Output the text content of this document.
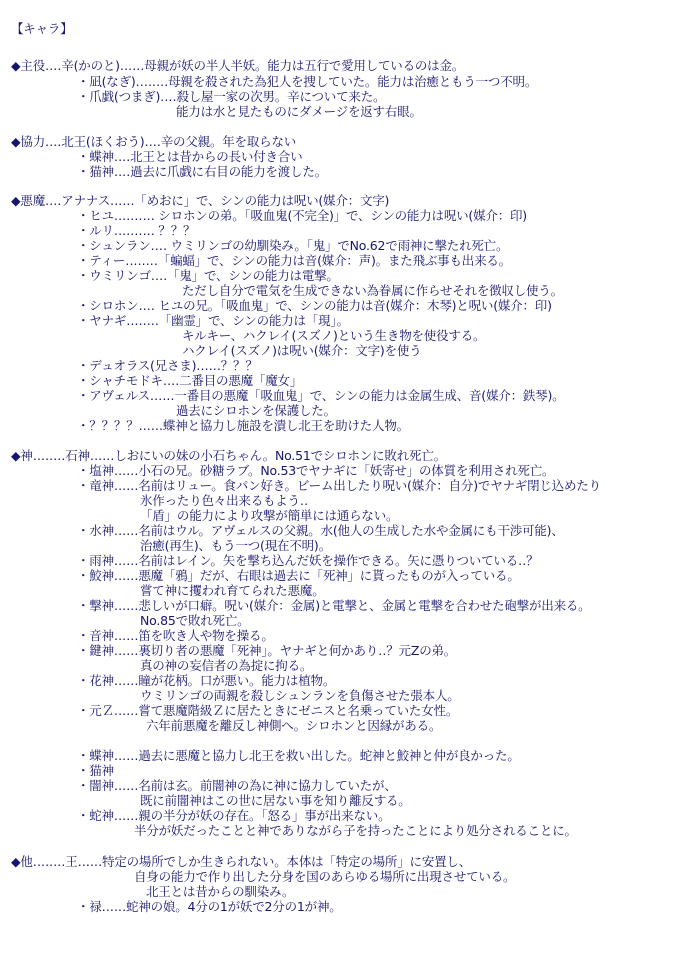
【キャラ】
◆主役‥‥辛(かのと)‥‥‥母親が妖の半人半妖。能力は五行で愛用しているのは金。
・凪(なぎ)‥‥‥‥母親を殺された為犯人を捜していた。能力は治癒ともう一つ不明。
・爪戯(つまぎ)‥‥殺し屋一家の次男。辛について来た。
能力は水と見たものにダメージを返す右眼。
◆協力‥‥北王(ほくおう)‥‥辛の父親。年を取らない
・蝶神‥‥北王とは昔からの長い付き合い
・猫神‥‥過去に爪戯に右目の能力を渡した。
◆悪魔‥‥アナナス‥‥‥「めおに」で、シンの能力は呪い(媒介：文字)
・ヒユ‥‥‥‥‥ シロホンの弟。「吸血鬼(不完全)」で、シンの能力は呪い(媒介：印)
・ルリ‥‥‥‥‥ ？？？
・シュンラン‥‥ ウミリンゴの幼馴染み。「鬼」でNo.62で雨神に撃たれ死亡。
・ティー‥‥‥‥「蝙蝠」で、シンの能力は音(媒介：声)。また飛ぶ事も出来る。
・ウミリンゴ‥‥「鬼」で、シンの能力は電撃。
ただし自分で電気を生成できない為眷属に作らせそれを徴収し使う。
・シロホン‥‥ ヒユの兄。「吸血鬼」で、シンの能力は音(媒介：木琴)と呪い(媒介：印)
・ヤナギ‥‥‥‥「幽霊」で、シンの能力は「現」。
キルキー、ハクレイ(スズノ)という生き物を使役する。
ハクレイ(スズノ)は呪い(媒介：文字)を使う
・デュオラス(兄さま)‥‥‥？？？
・シャチモドキ‥‥二番目の悪魔「魔女」
・アヴェルス‥‥‥一番目の悪魔「吸血鬼」で、シンの能力は金属生成、音(媒介：鉄琴)。
過去にシロホンを保護した。
・？？？？‥‥‥蝶神と協力し施設を潰し北王を助けた人物。
◆神‥‥‥‥石神‥‥‥しおにいの妹の小石ちゃん。No.51でシロホンに敗れ死亡。
・塩神‥‥‥小石の兄。砂糖ラブ。No.53でヤナギに「妖寄せ」の体質を利用され死亡。
・竜神‥‥‥名前はリュー。食パン好き。ビーム出したり呪い(媒介：自分)でヤナギ閉じ込めたり
氷作ったり色々出来るもよう‥
「盾」の能力により攻撃が簡単には通らない。
・水神‥‥‥名前はウル。アヴェルスの父親。水(他人の生成した水や金属にも干渉可能)、
治癒(再生)、もう一つ(現在不明)。
・雨神‥‥‥名前はレイン。矢を撃ち込んだ妖を操作できる。矢に憑りついている‥？
・鮫神‥‥‥悪魔「鴉」だが、右眼は過去に「死神」に貰ったものが入っている。
嘗て神に攫われ育てられた悪魔。
・撃神‥‥‥悲しいが口癖。呪い(媒介：金属)と電撃と、金属と電撃を合わせた砲撃が出来る。
No.85で敗れ死亡。
・音神‥‥‥笛を吹き人や物を操る。
・鍵神‥‥‥裏切り者の悪魔「死神」。ヤナギと何かあり‥？元Zの弟。
真の神の妄信者の為掟に拘る。
・花神‥‥‥瞳が花柄。口が悪い。能力は植物。
ウミリンゴの両親を殺しシュンランを負傷させた張本人。
・元Ｚ‥‥‥嘗て悪魔階級Ｚに居たときにゼニスと名乗っていた女性。
六年前悪魔を離反し神側へ。シロホンと因縁がある。
・蝶神‥‥‥過去に悪魔と協力し北王を救い出した。蛇神と鮫神と仲が良かった。
・猫神
・闇神‥‥‥名前は玄。前闇神の為に神に協力していたが、
既に前闇神はこの世に居ない事を知り離反する。
・蛇神‥‥‥親の半分が妖の存在。「怒る」事が出来ない。
半分が妖だったことと神でありながら子を持ったことにより処分されることに。
◆他‥‥‥‥王‥‥‥特定の場所でしか生きられない。本体は「特定の場所」に安置し、
自身の能力で作り出した分身を国のあらゆる場所に出現させている。
北王とは昔からの馴染み。
・禄‥‥‥蛇神の娘。4分の1が妖で2分の1が神。
